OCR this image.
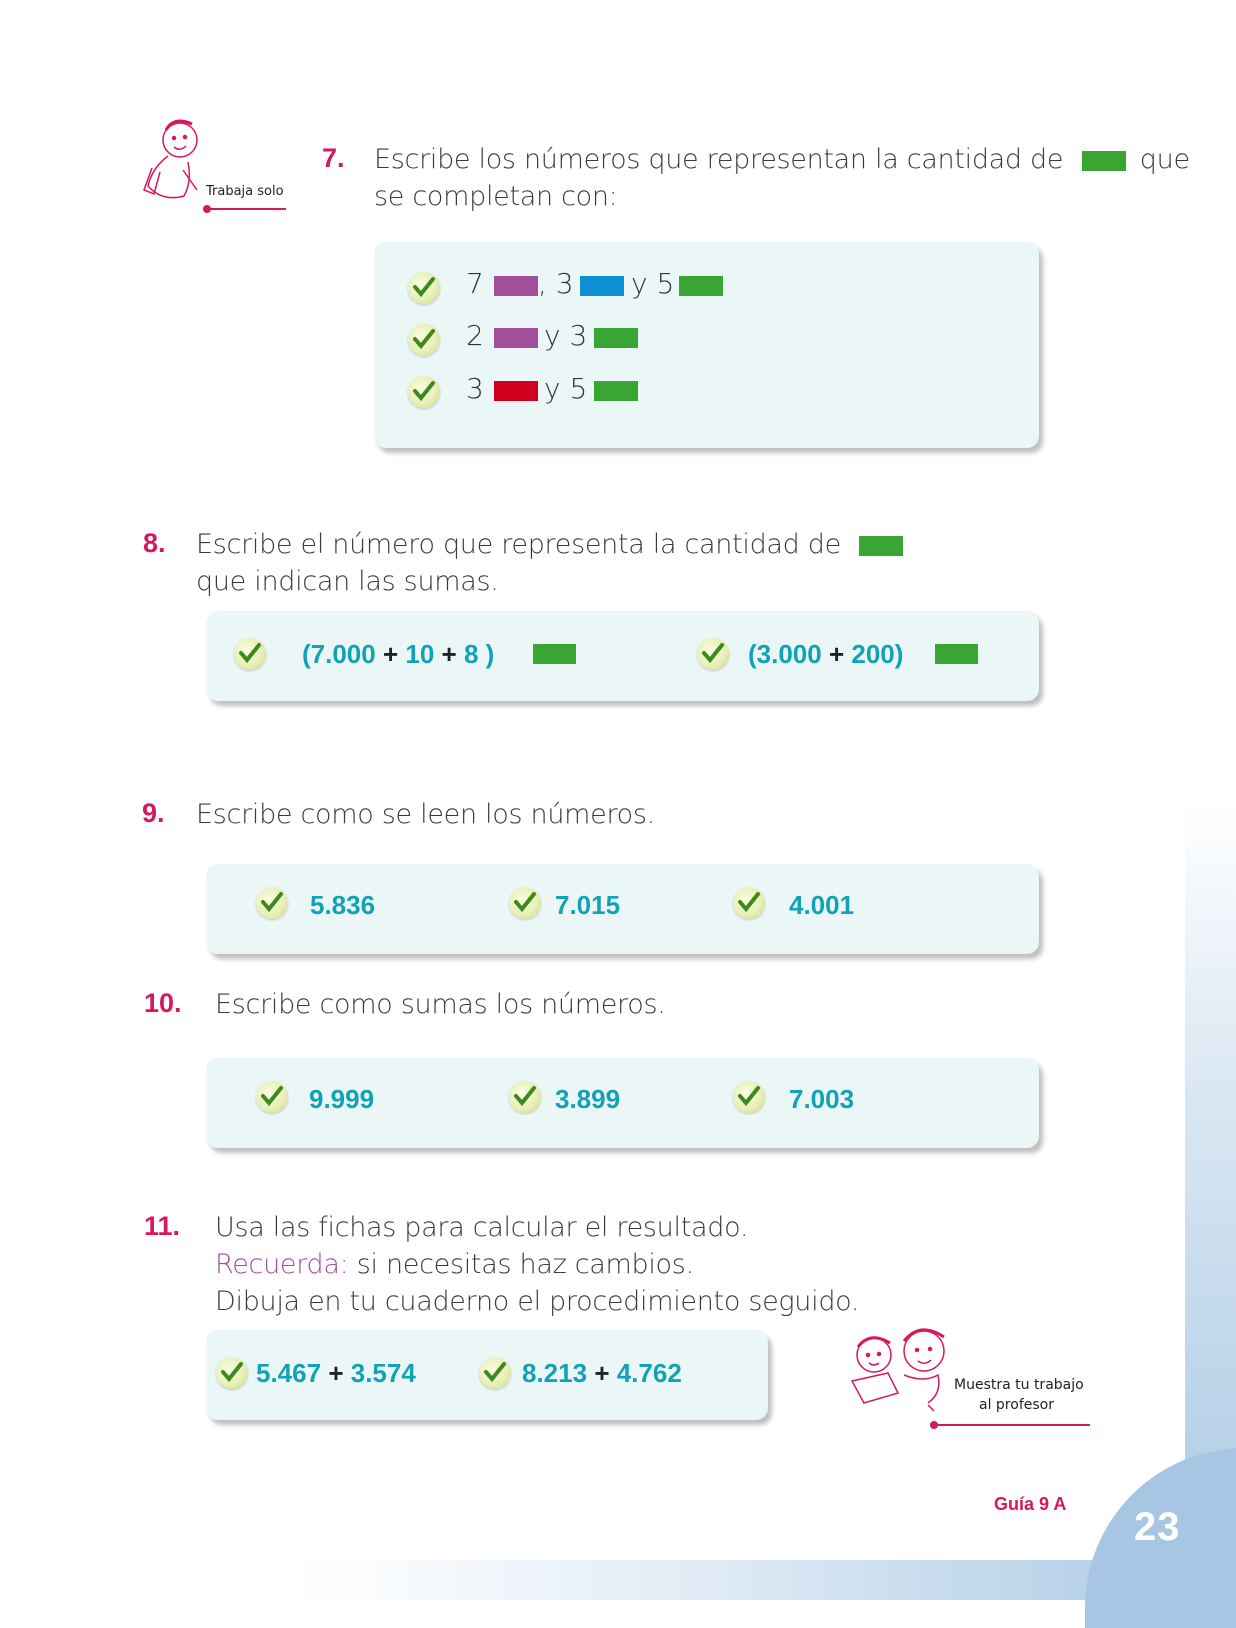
Trabaja solo
7. Escribe los números que representan la cantidad de	que
se completan con:
7 , 3 y 5
2 y 3
3 y 5
8. Escribe el número que representa la cantidad de
que indican las sumas.
(7.000 + 10 + 8 )	(3.000 + 200)
9. Escribe como se leen los números.
5.836	7.015	4.001
10. Escribe como sumas los números.
9.999	3.899	7.003
11. Usa las fichas para calcular el resultado.
Recuerda: si necesitas haz cambios.
Dibuja en tu cuaderno el procedimiento seguido.
5.467 + 3.574	8.213 + 4.762	Muestra tu trabajo
al profesor
Guía 9 A
23
